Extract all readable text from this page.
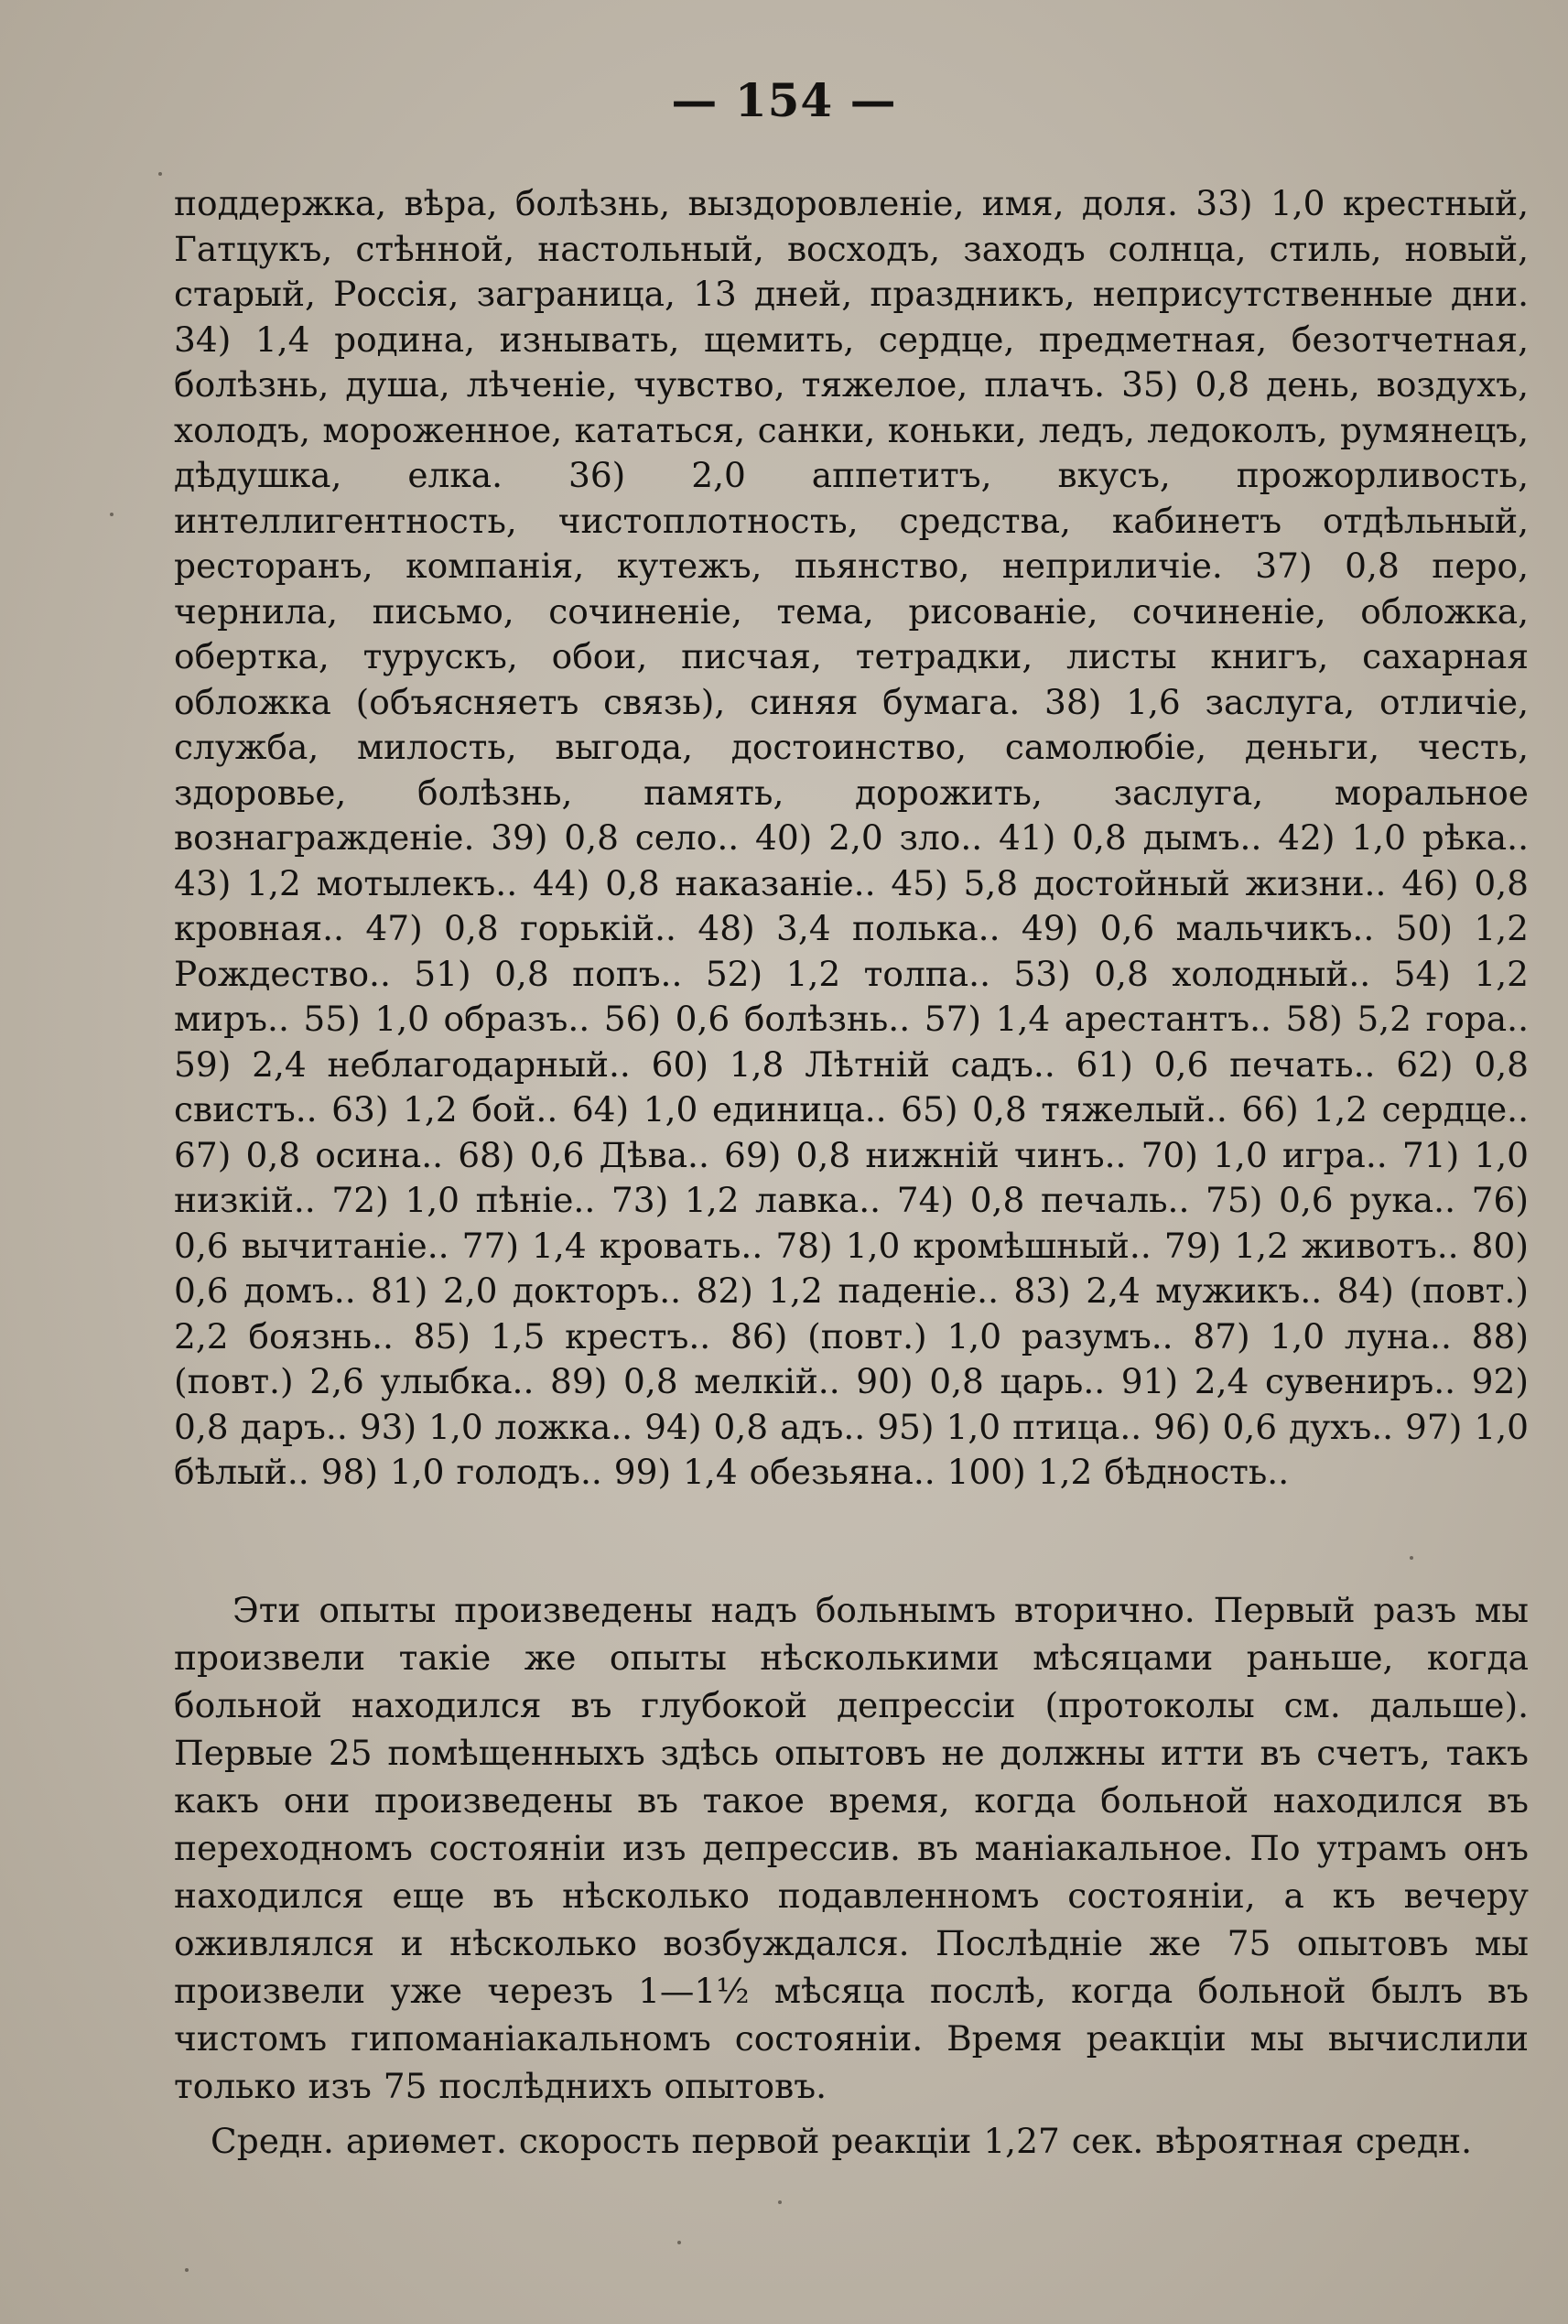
— 154 —

поддержка, вѣра, болѣзнь, выздоровленіе, имя, доля. 33) 1,0 крестный, Гатцукъ, стѣнной, настольный, восходъ, заходъ солнца, стиль, новый, старый, Россія, заграница, 13 дней, праздникъ, неприсутственные дни. 34) 1,4 родина, изнывать, щемить, сердце, предметная, безотчетная, болѣзнь, душа, лѣченіе, чувство, тяжелое, плачъ. 35) 0,8 день, воздухъ, холодъ, мороженное, кататься, санки, коньки, ледъ, ледоколъ, румянецъ, дѣдушка, елка. 36) 2,0 аппетитъ, вкусъ, прожорливость, интеллигентность, чистоплотность, средства, кабинетъ отдѣльный, ресторанъ, компанія, кутежъ, пьянство, неприличіе. 37) 0,8 перо, чернила, письмо, сочиненіе, тема, рисованіе, сочиненіе, обложка, обертка, турускъ, обои, писчая, тетрадки, листы книгъ, сахарная обложка (объясняетъ связь), синяя бумага. 38) 1,6 заслуга, отличіе, служба, милость, выгода, достоинство, самолюбіе, деньги, честь, здоровье, болѣзнь, память, дорожить, заслуга, моральное вознагражденіе. 39) 0,8 село.. 40) 2,0 зло.. 41) 0,8 дымъ.. 42) 1,0 рѣка.. 43) 1,2 мотылекъ.. 44) 0,8 наказаніе.. 45) 5,8 достойный жизни.. 46) 0,8 кровная.. 47) 0,8 горькій.. 48) 3,4 полька.. 49) 0,6 мальчикъ.. 50) 1,2 Рождество.. 51) 0,8 попъ.. 52) 1,2 толпа.. 53) 0,8 холодный.. 54) 1,2 миръ.. 55) 1,0 образъ.. 56) 0,6 болѣзнь.. 57) 1,4 арестантъ.. 58) 5,2 гора.. 59) 2,4 неблагодарный.. 60) 1,8 Лѣтній садъ.. 61) 0,6 печать.. 62) 0,8 свистъ.. 63) 1,2 бой.. 64) 1,0 единица.. 65) 0,8 тяжелый.. 66) 1,2 сердце.. 67) 0,8 осина.. 68) 0,6 Дѣва.. 69) 0,8 нижній чинъ.. 70) 1,0 игра.. 71) 1,0 низкій.. 72) 1,0 пѣніе.. 73) 1,2 лавка.. 74) 0,8 печаль.. 75) 0,6 рука.. 76) 0,6 вычитаніе.. 77) 1,4 кровать.. 78) 1,0 кромѣшный.. 79) 1,2 животъ.. 80) 0,6 домъ.. 81) 2,0 докторъ.. 82) 1,2 паденіе.. 83) 2,4 мужикъ.. 84) (повт.) 2,2 боязнь.. 85) 1,5 крестъ.. 86) (повт.) 1,0 разумъ.. 87) 1,0 луна.. 88) (повт.) 2,6 улыбка.. 89) 0,8 мелкій.. 90) 0,8 царь.. 91) 2,4 сувениръ.. 92) 0,8 даръ.. 93) 1,0 ложка.. 94) 0,8 адъ.. 95) 1,0 птица.. 96) 0,6 духъ.. 97) 1,0 бѣлый.. 98) 1,0 голодъ.. 99) 1,4 обезьяна.. 100) 1,2 бѣдность..

Эти опыты произведены надъ больнымъ вторично. Первый разъ мы произвели такіе же опыты нѣсколькими мѣсяцами раньше, когда больной находился въ глубокой депрессіи (протоколы см. дальше). Первые 25 помѣщенныхъ здѣсь опытовъ не должны итти въ счетъ, такъ какъ они произведены въ такое время, когда больной находился въ переходномъ состояніи изъ депрессив. въ маніакальное. По утрамъ онъ находился еще въ нѣсколько подавленномъ состояніи, а къ вечеру оживлялся и нѣсколько возбуждался. Послѣдніе же 75 опытовъ мы произвели уже черезъ 1—1½ мѣсяца послѣ, когда больной былъ въ чистомъ гипоманіакальномъ состояніи. Время реакціи мы вычислили только изъ 75 послѣднихъ опытовъ.

Средн. ариѳмет. скорость первой реакціи 1,27 сек. вѣроятная средн.
